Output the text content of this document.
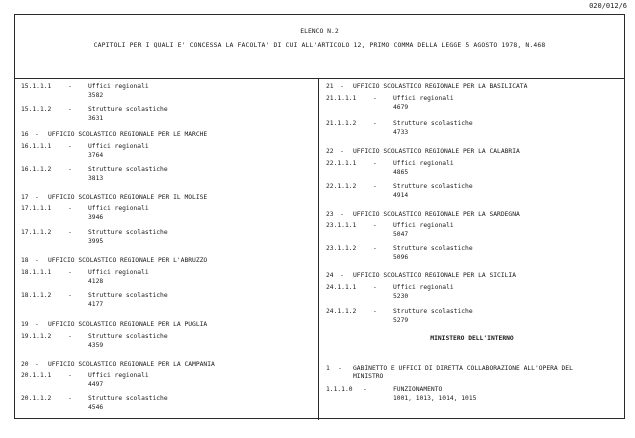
020/012/6
ELENCO N.2
CAPITOLI PER I QUALI E' CONCESSA LA FACOLTA' DI CUI ALL'ARTICOLO 12, PRIMO COMMA DELLA LEGGE 5 AGOSTO 1978, N.468
15.1.1.1	-	Uffici regionali
3582
15.1.1.2	-	Strutture scolastiche
3631
16 - UFFICIO SCOLASTICO REGIONALE PER LE MARCHE
16.1.1.1	-	Uffici regionali
3764
16.1.1.2	-	Strutture scolastiche
3813
17 - UFFICIO SCOLASTICO REGIONALE PER IL MOLISE
17.1.1.1	-	Uffici regionali
3946
17.1.1.2	-	Strutture scolastiche
3995
18 - UFFICIO SCOLASTICO REGIONALE PER L'ABRUZZO
18.1.1.1	-	Uffici regionali
4128
18.1.1.2	-	Strutture scolastiche
4177
19 - UFFICIO SCOLASTICO REGIONALE PER LA PUGLIA
19.1.1.2	-	Strutture scolastiche
4359
20 - UFFICIO SCOLASTICO REGIONALE PER LA CAMPANIA
20.1.1.1	-	Uffici regionali
4497
20.1.1.2	-	Strutture scolastiche
4546
21 - UFFICIO SCOLASTICO REGIONALE PER LA BASILICATA
21.1.1.1	-	Uffici regionali
4679
21.1.1.2	-	Strutture scolastiche
4733
22 - UFFICIO SCOLASTICO REGIONALE PER LA CALABRIA
22.1.1.1	-	Uffici regionali
4865
22.1.1.2	-	Strutture scolastiche
4914
23 - UFFICIO SCOLASTICO REGIONALE PER LA SARDEGNA
23.1.1.1	-	Uffici regionali
5047
23.1.1.2	-	Strutture scolastiche
5096
24 - UFFICIO SCOLASTICO REGIONALE PER LA SICILIA
24.1.1.1	-	Uffici regionali
5230
24.1.1.2	-	Strutture scolastiche
5279
MINISTERO DELL'INTERNO
1 - GABINETTO E UFFICI DI DIRETTA COLLABORAZIONE ALL'OPERA DEL
MINISTRO
1.1.1.0 -	FUNZIONAMENTO
1001, 1013, 1014, 1015
